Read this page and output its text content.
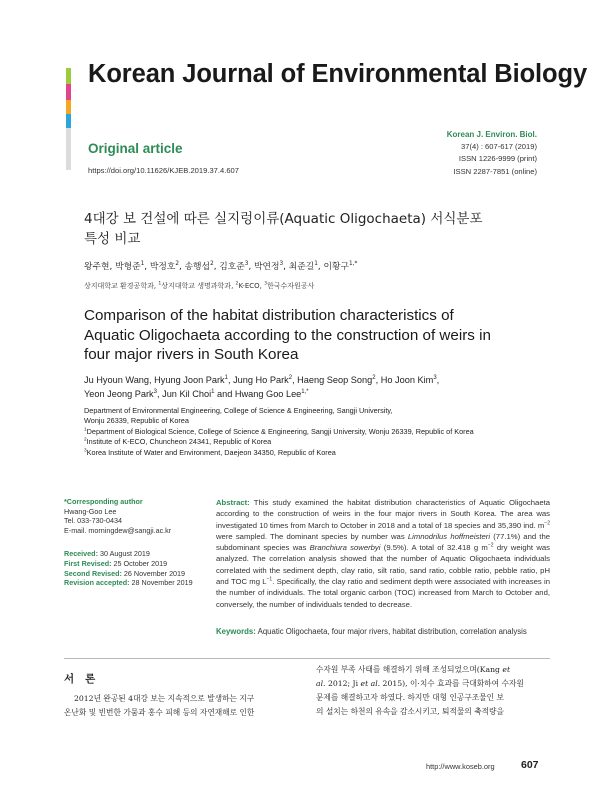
Korean Journal of Environmental Biology
Original article
https://doi.org/10.11626/KJEB.2019.37.4.607
Korean J. Environ. Biol.
37(4) : 607-617 (2019)
ISSN 1226-9999 (print)
ISSN 2287-7851 (online)
4대강 보 건설에 따른 실지렁이류(Aquatic Oligochaeta) 서식분포
특성 비교
왕주현, 박형준$^1$, 박정호$^2$, 송행섭$^2$, 김호준$^3$, 박연정$^3$, 최준길$^1$, 이황구$^{1,*}$
상지대학교 환경공학과, $^1$상지대학교 생명과학과, $^2$K-ECO, $^3$한국수자원공사
Comparison of the habitat distribution characteristics of
Aquatic Oligochaeta according to the construction of weirs in
four major rivers in South Korea
Ju Hyoun Wang, Hyung Joon Park$^1$, Jung Ho Park$^2$, Haeng Seop Song$^2$, Ho Joon Kim$^3$,
Yeon Jeong Park$^3$, Jun Kil Choi$^1$ and Hwang Goo Lee$^{1,*}$
Department of Environmental Engineering, College of Science & Engineering, Sangji University,
Wonju 26339, Republic of Korea
$^1$Department of Biological Science, College of Science & Engineering, Sangji University, Wonju 26339, Republic of Korea
$^2$Institute of K-ECO, Chuncheon 24341, Republic of Korea
$^3$Korea Institute of Water and Environment, Daejeon 34350, Republic of Korea
*Corresponding author
Hwang-Goo Lee
Tel. 033-730-0434
E-mail. morningdew@sangji.ac.kr
Received: 30 August 2019
First Revised: 25 October 2019
Second Revised: 26 November 2019
Revision accepted: 28 November 2019
Abstract: This study examined the habitat distribution characteristics of Aquatic Oligochaeta according to the construction of weirs in the four major rivers in South Korea. The area was investigated 10 times from March to October in 2018 and a total of 18 species and 35,390 ind. $m^{-2}$ were sampled. The dominant species by number was Limnodrilus hoffmeisteri (77.1%) and the subdominant species was Branchiura sowerbyi (9.5%). A total of 32.418 g $m^{-2}$ dry weight was analyzed. The correlation analysis showed that the number of Aquatic Oligochaeta individuals correlated with the sediment depth, clay ratio, silt ratio, sand ratio, cobble ratio, pebble ratio, pH and TOC mg $L^{-1}$. Specifically, the clay ratio and sediment depth were associated with increases in the number of individuals. The total organic carbon (TOC) increased from March to October and, conversely, the number of individuals tended to decrease.
Keywords: Aquatic Oligochaeta, four major rivers, habitat distribution, correlation analysis
서론

2012년 완공된 4대강 보는 지속적으로 발생하는 지구

온난화 및 빈번한 가뭄과 홍수 피해 등의 자연재해로 인한

수자원 부족 사태를 해결하기 위해 조성되었으며(Kang et

al. 2012; Ji et al. 2015), 이·치수 효과를 극대화하여 수자원

문제를 해결하고자 하였다. 하지만 대형 인공구조물인 보

의 설치는 하천의 유속을 감소시키고, 퇴적물의 축적량을

http://www.koseb.org	607
